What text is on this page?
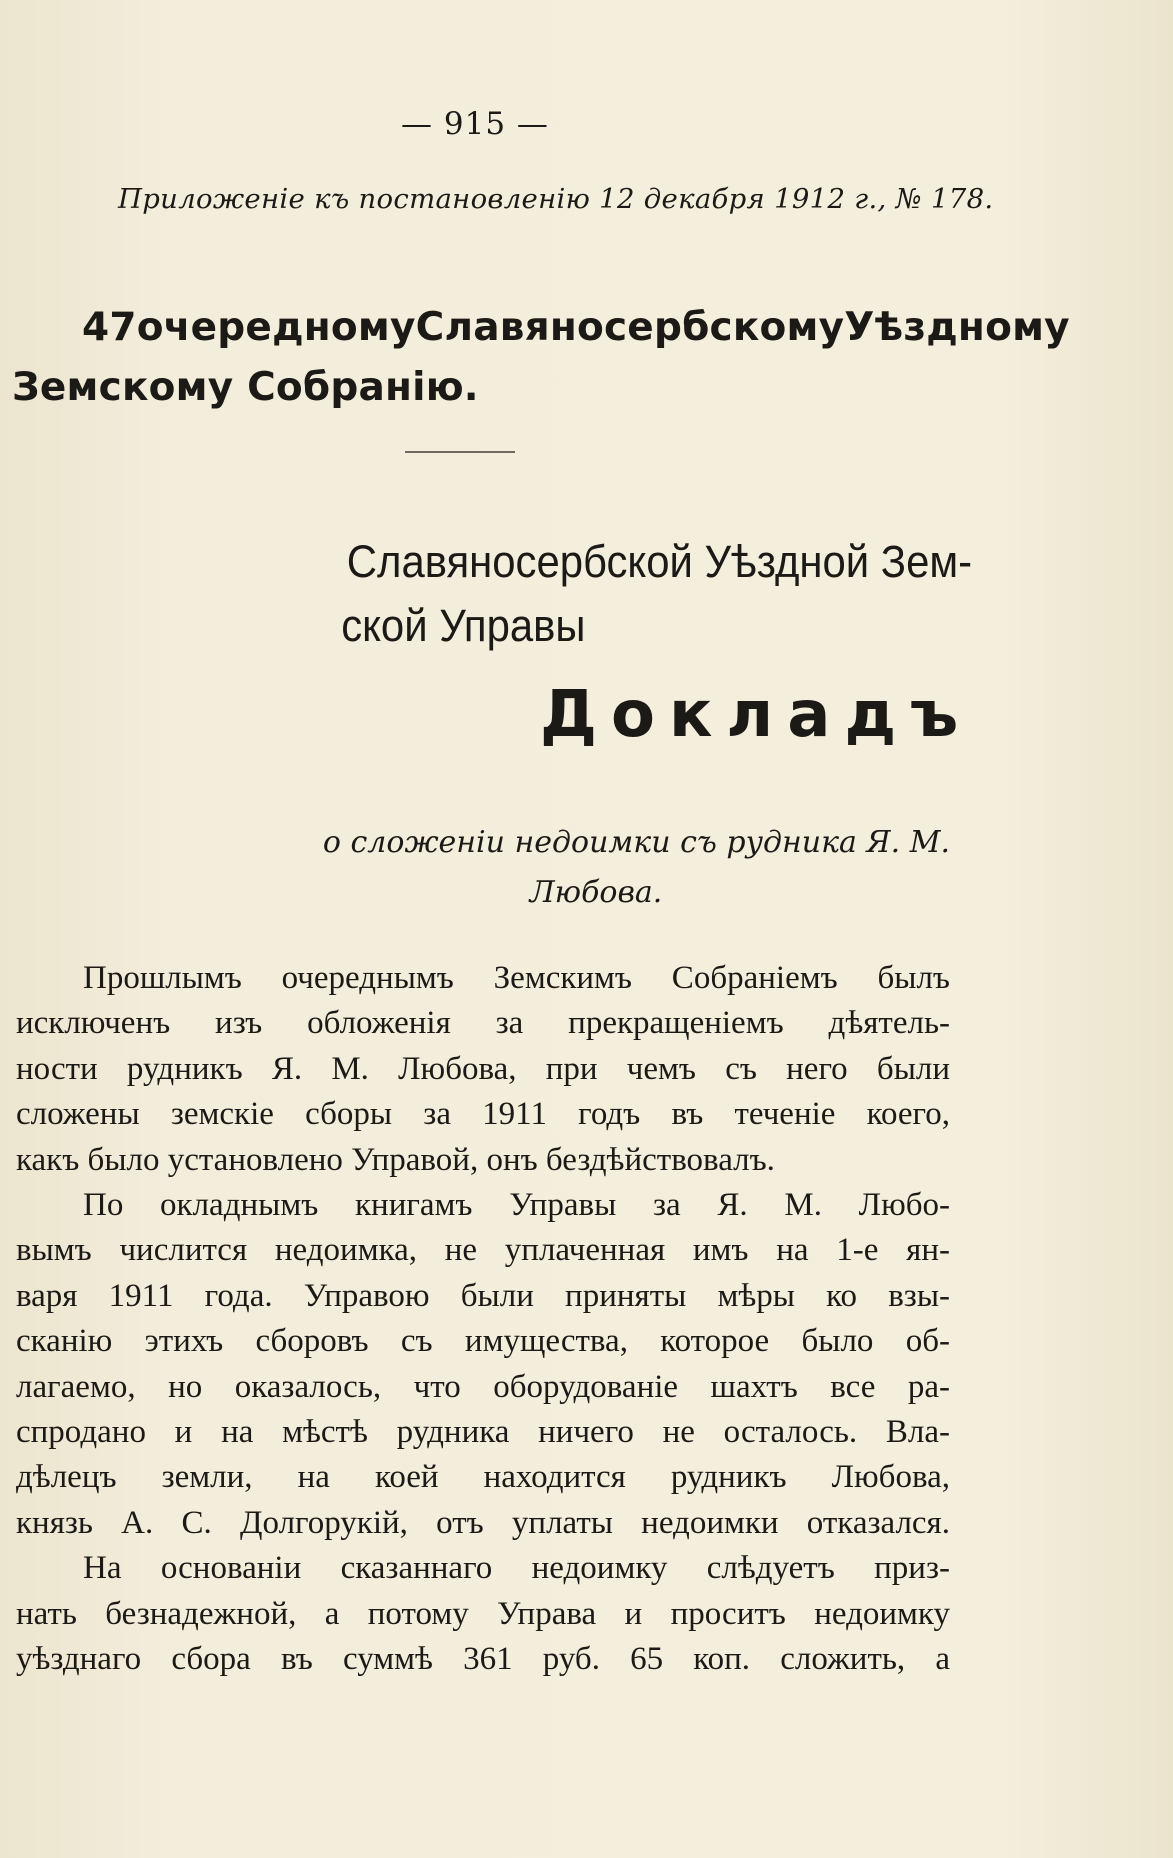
— 915 —
Приложеніе къ постановленію 12 декабря 1912 г., № 178.
47 очередному Славяносербскому Уѣздному
Земскому Собранію.
Славяносербской Уѣздной Зем-
ской Управы
Докладъ
о сложеніи недоимки съ рудника Я. М.
Любова.

Прошлымъ очереднымъ Земскимъ Собраніемъ былъ

исключенъ изъ обложенія за прекращеніемъ дѣятель-

ности рудникъ Я. М. Любова, при чемъ съ него были

сложены земскіе сборы за 1911 годъ въ теченіе коего,

какъ было установлено Управой, онъ бездѣйствовалъ.

По окладнымъ книгамъ Управы за Я. М. Любо-

вымъ числится недоимка, не уплаченная имъ на 1-е ян-

варя 1911 года. Управою были приняты мѣры ко взы-

сканію этихъ сборовъ съ имущества, которое было об-

лагаемо, но оказалось, что оборудованіе шахтъ все ра-

спродано и на мѣстѣ рудника ничего не осталось. Вла-

дѣлецъ земли, на коей находится рудникъ Любова,

князь А. С. Долгорукій, отъ уплаты недоимки отказался.

На основаніи сказаннаго недоимку слѣдуетъ приз-

нать безнадежной, а потому Управа и проситъ недоимку

уѣзднаго сбора въ суммѣ 361 руб. 65 коп. сложить, а
